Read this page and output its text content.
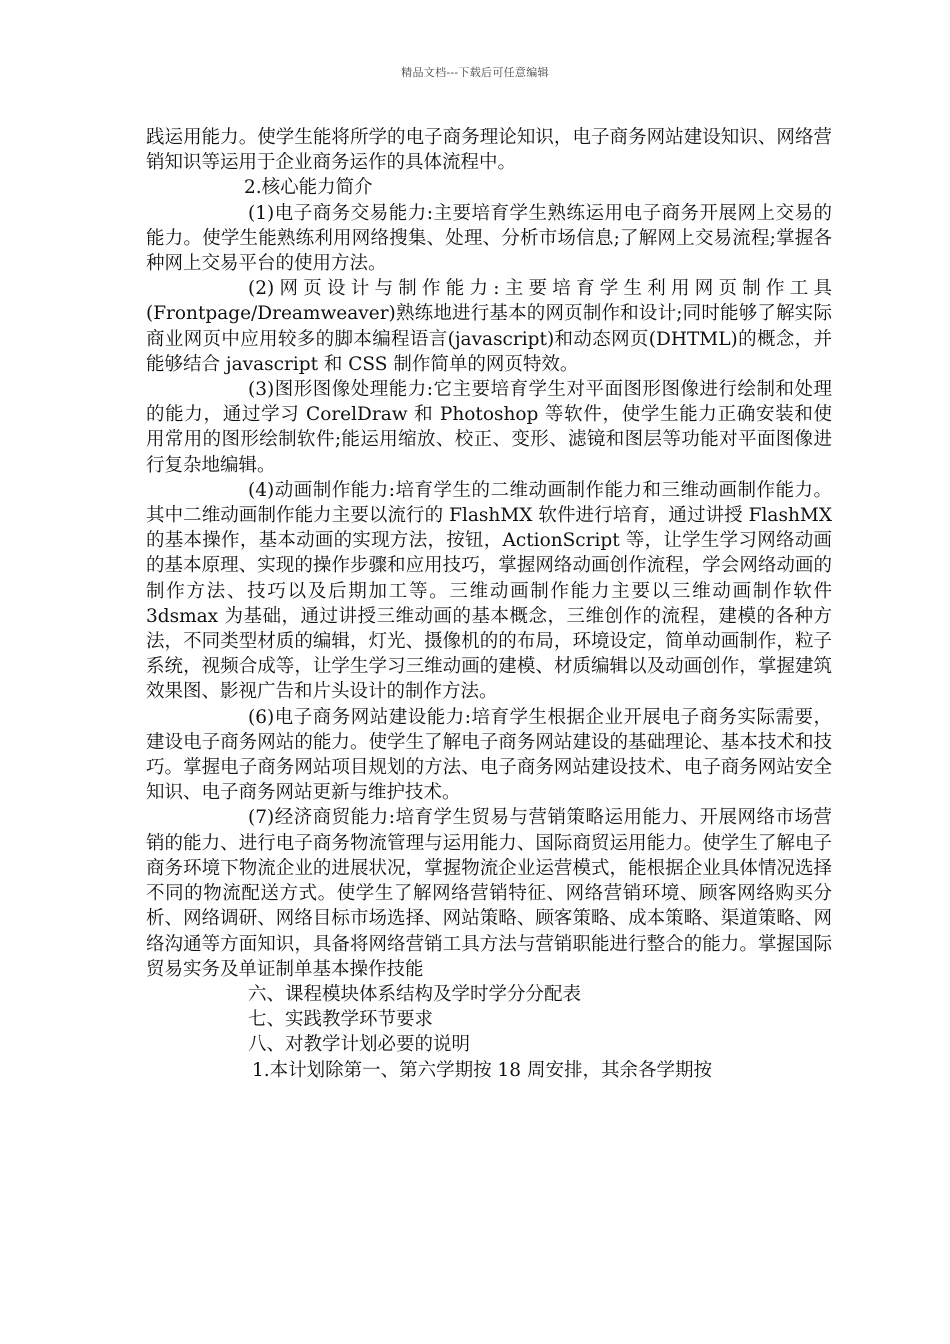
精品文档---下载后可任意编辑

践运用能力。使学生能将所学的电子商务理论知识，电子商务网站建设知识、网络营销知识等运用于企业商务运作的具体流程中。

2.核心能力简介

(1)电子商务交易能力:主要培育学生熟练运用电子商务开展网上交易的能力。使学生能熟练利用网络搜集、处理、分析市场信息;了解网上交易流程;掌握各种网上交易平台的使用方法。

(2)网页设计与制作能力:主要培育学生利用网页制作工具(Frontpage/Dreamweaver)熟练地进行基本的网页制作和设计;同时能够了解实际商业网页中应用较多的脚本编程语言(javascript)和动态网页(DHTML)的概念，并能够结合 javascript 和 CSS 制作简单的网页特效。

(3)图形图像处理能力:它主要培育学生对平面图形图像进行绘制和处理的能力，通过学习 CorelDraw 和 Photoshop 等软件，使学生能力正确安装和使用常用的图形绘制软件;能运用缩放、校正、变形、滤镜和图层等功能对平面图像进行复杂地编辑。

(4)动画制作能力:培育学生的二维动画制作能力和三维动画制作能力。其中二维动画制作能力主要以流行的 FlashMX 软件进行培育，通过讲授 FlashMX 的基本操作，基本动画的实现方法，按钮，ActionScript 等，让学生学习网络动画的基本原理、实现的操作步骤和应用技巧，掌握网络动画创作流程，学会网络动画的制作方法、技巧以及后期加工等。三维动画制作能力主要以三维动画制作软件 3dsmax 为基础，通过讲授三维动画的基本概念，三维创作的流程，建模的各种方法，不同类型材质的编辑，灯光、摄像机的的布局，环境设定，简单动画制作，粒子系统，视频合成等，让学生学习三维动画的建模、材质编辑以及动画创作，掌握建筑效果图、影视广告和片头设计的制作方法。

(6)电子商务网站建设能力:培育学生根据企业开展电子商务实际需要，建设电子商务网站的能力。使学生了解电子商务网站建设的基础理论、基本技术和技巧。掌握电子商务网站项目规划的方法、电子商务网站建设技术、电子商务网站安全知识、电子商务网站更新与维护技术。

(7)经济商贸能力:培育学生贸易与营销策略运用能力、开展网络市场营销的能力、进行电子商务物流管理与运用能力、国际商贸运用能力。使学生了解电子商务环境下物流企业的进展状况，掌握物流企业运营模式，能根据企业具体情况选择不同的物流配送方式。使学生了解网络营销特征、网络营销环境、顾客网络购买分析、网络调研、网络目标市场选择、网站策略、顾客策略、成本策略、渠道策略、网络沟通等方面知识，具备将网络营销工具方法与营销职能进行整合的能力。掌握国际贸易实务及单证制单基本操作技能

六、课程模块体系结构及学时学分分配表

七、实践教学环节要求

八、对教学计划必要的说明

1.本计划除第一、第六学期按 18 周安排，其余各学期按
